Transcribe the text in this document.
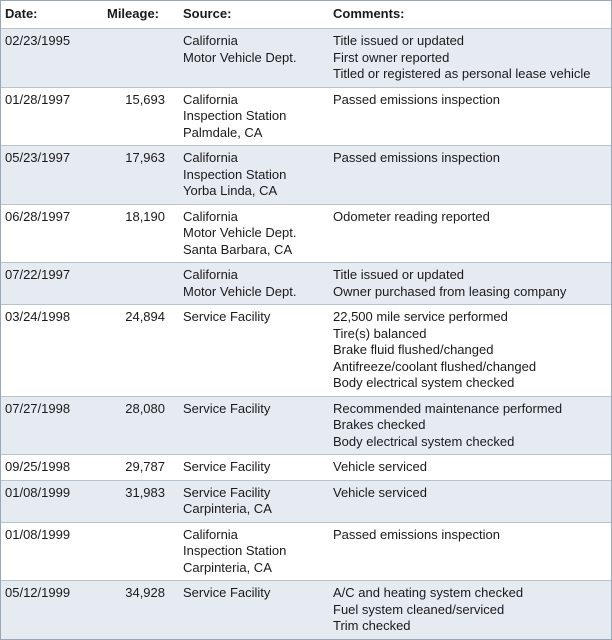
Date:	Mileage:	Source:	Comments:
02/23/1995		California
Motor Vehicle Dept.	Title issued or updated
First owner reported
Titled or registered as personal lease vehicle

01/28/1997	15,693	California
Inspection Station
Palmdale, CA	Passed emissions inspection

05/23/1997	17,963	California
Inspection Station
Yorba Linda, CA	Passed emissions inspection

06/28/1997	18,190	California
Motor Vehicle Dept.
Santa Barbara, CA	Odometer reading reported

07/22/1997		California
Motor Vehicle Dept.	Title issued or updated
Owner purchased from leasing company

03/24/1998	24,894	Service Facility	22,500 mile service performed
Tire(s) balanced
Brake fluid flushed/changed
Antifreeze/coolant flushed/changed
Body electrical system checked

07/27/1998	28,080	Service Facility	Recommended maintenance performed
Brakes checked
Body electrical system checked

09/25/1998	29,787	Service Facility	Vehicle serviced

01/08/1999	31,983	Service Facility
Carpinteria, CA	Vehicle serviced

01/08/1999		California
Inspection Station
Carpinteria, CA	Passed emissions inspection

05/12/1999	34,928	Service Facility	A/C and heating system checked
Fuel system cleaned/serviced
Trim checked
